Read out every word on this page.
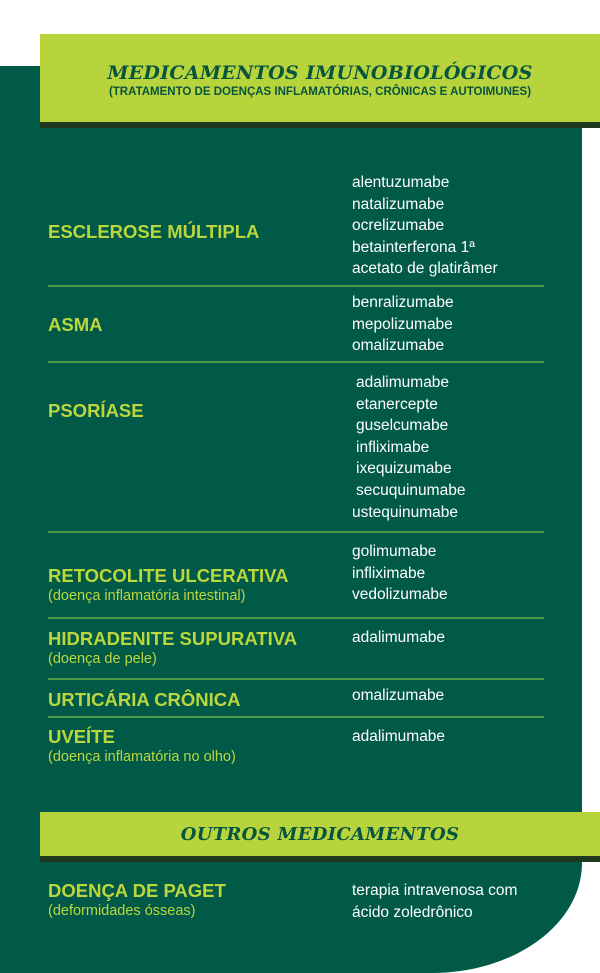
MEDICAMENTOS IMUNOBIOLÓGICOS
(TRATAMENTO DE DOENÇAS INFLAMATÓRIAS, CRÔNICAS E AUTOIMUNES)
ESCLEROSE MÚLTIPLA
alentuzumabe
natalizumabe
ocrelizumabe
betainterferona 1ª
acetato de glatirâmer
ASMA
benralizumabe
mepolizumabe
omalizumabe
PSORÍASE
adalimumabe
etanercepte
guselcumabe
infliximabe
ixequizumabe
secuquinumabe
ustequinumabe
RETOCOLITE ULCERATIVA
(doença inflamatória intestinal)
golimumabe
infliximabe
vedolizumabe
HIDRADENITE SUPURATIVA
(doença de pele)
adalimumabe
URTICÁRIA CRÔNICA	omalizumabe
UVEÍTE
(doença inflamatória no olho)
adalimumabe
OUTROS MEDICAMENTOS
DOENÇA DE PAGET
(deformidades ósseas)
terapia intravenosa com
ácido zoledrônico
